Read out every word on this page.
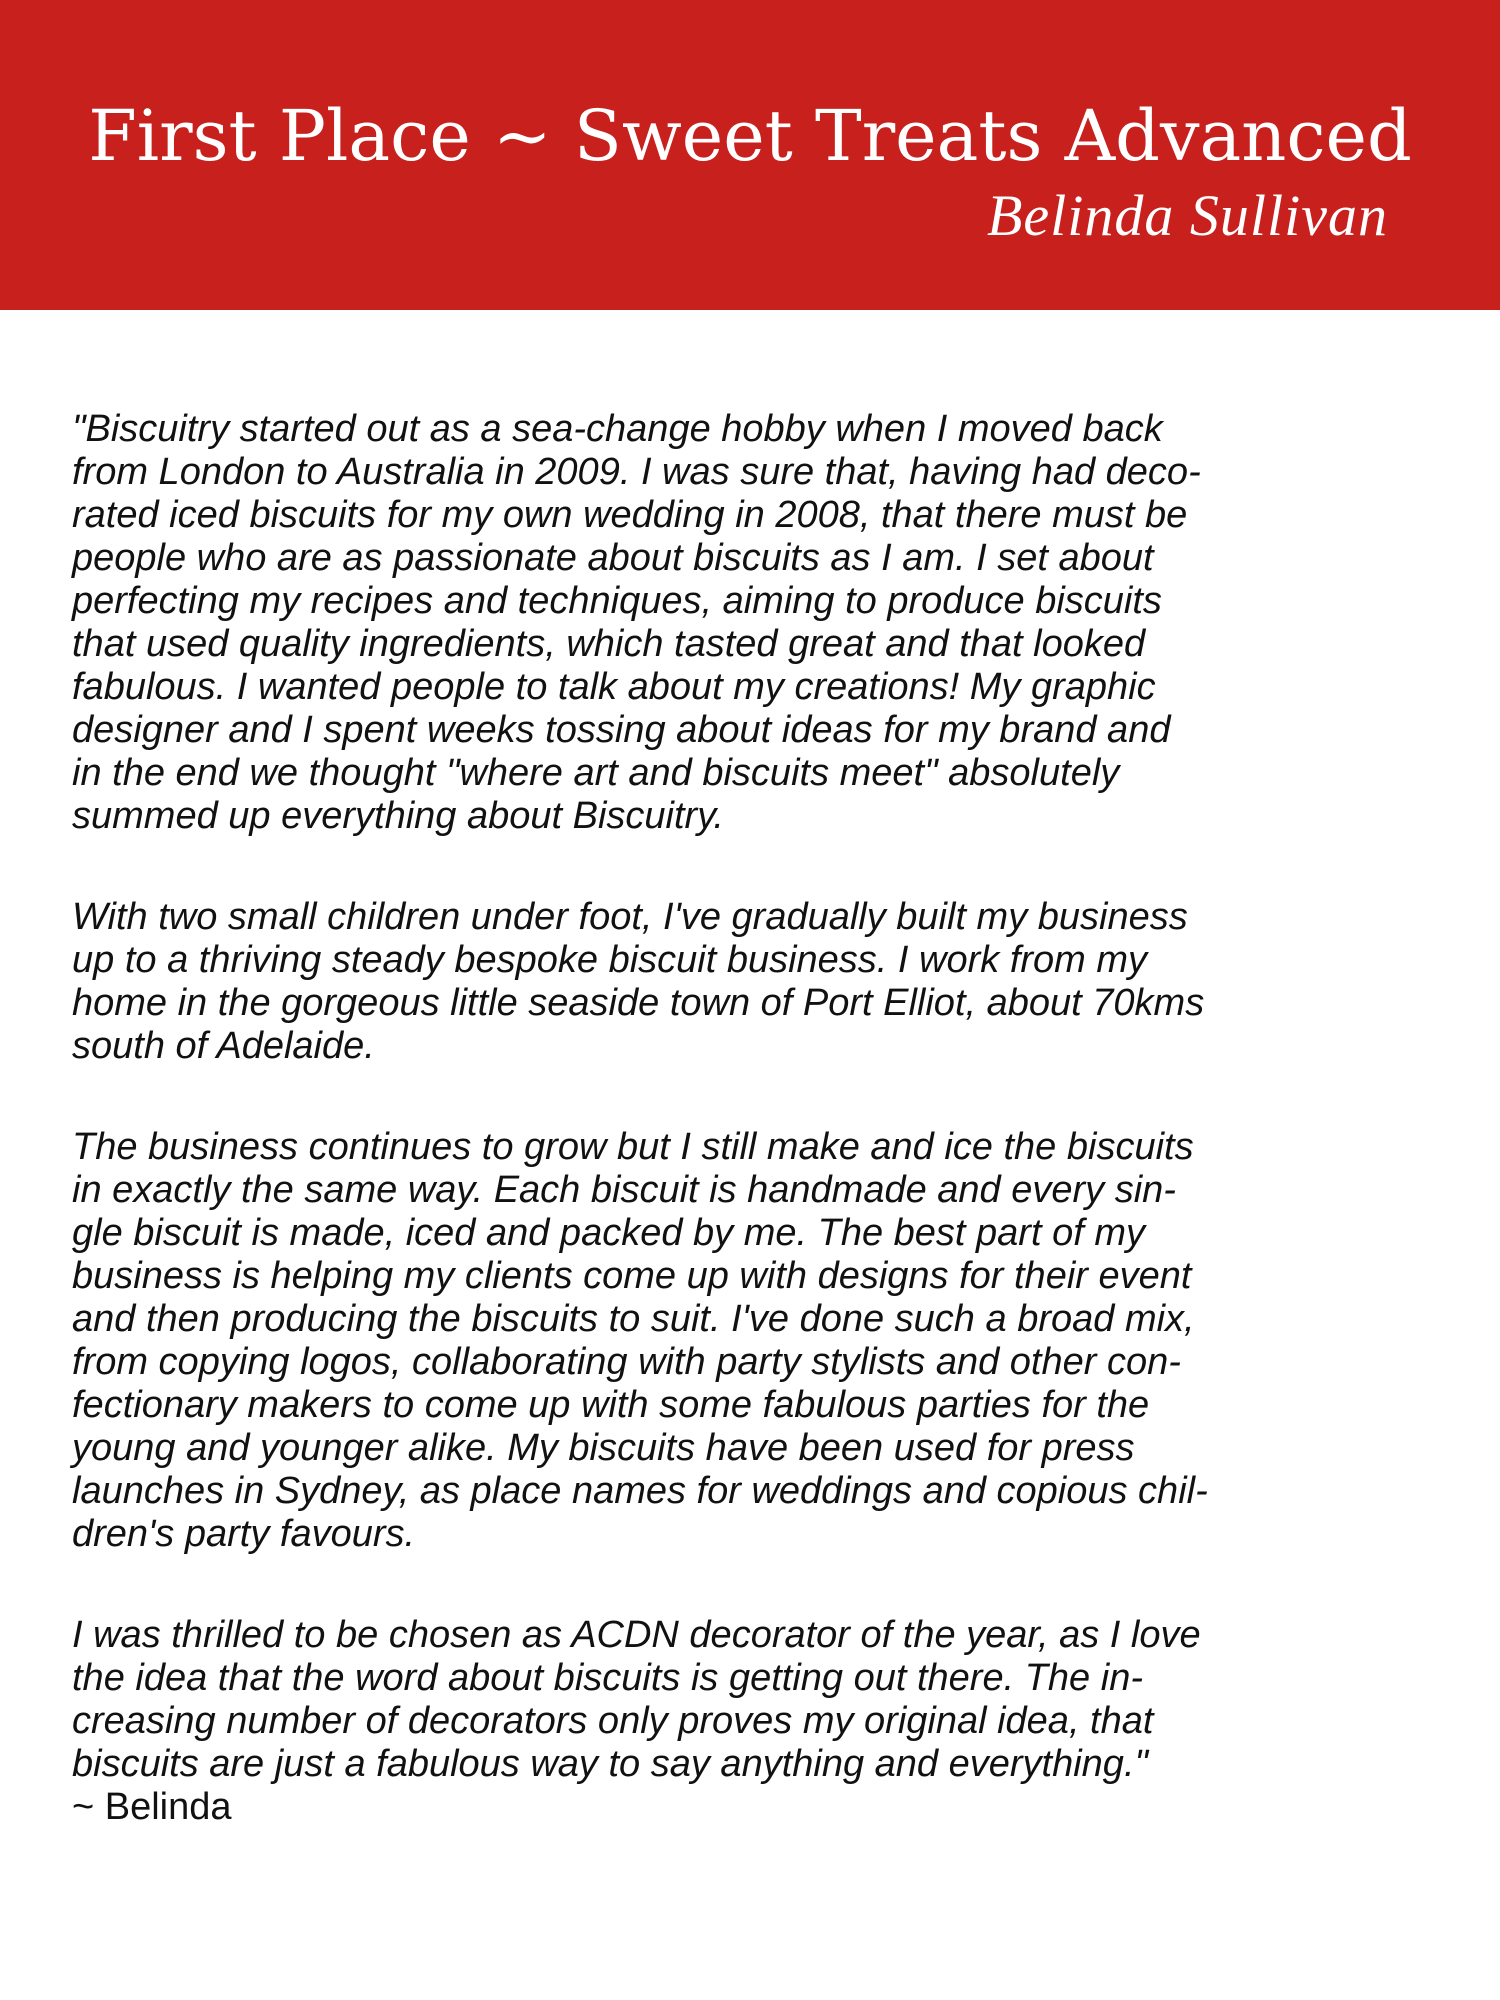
First Place ~ Sweet Treats Advanced
Belinda Sullivan

"Biscuitry started out as a sea-change hobby when I moved back
from London to Australia in 2009. I was sure that, having had deco-
rated iced biscuits for my own wedding in 2008, that there must be
people who are as passionate about biscuits as I am. I set about
perfecting my recipes and techniques, aiming to produce biscuits
that used quality ingredients, which tasted great and that looked
fabulous. I wanted people to talk about my creations! My graphic
designer and I spent weeks tossing about ideas for my brand and
in the end we thought "where art and biscuits meet" absolutely
summed up everything about Biscuitry.

With two small children under foot, I've gradually built my business
up to a thriving steady bespoke biscuit business. I work from my
home in the gorgeous little seaside town of Port Elliot, about 70kms
south of Adelaide.

The business continues to grow but I still make and ice the biscuits
in exactly the same way. Each biscuit is handmade and every sin-
gle biscuit is made, iced and packed by me. The best part of my
business is helping my clients come up with designs for their event
and then producing the biscuits to suit. I've done such a broad mix,
from copying logos, collaborating with party stylists and other con-
fectionary makers to come up with some fabulous parties for the
young and younger alike. My biscuits have been used for press
launches in Sydney, as place names for weddings and copious chil-
dren's party favours.

I was thrilled to be chosen as ACDN decorator of the year, as I love
the idea that the word about biscuits is getting out there. The in-
creasing number of decorators only proves my original idea, that
biscuits are just a fabulous way to say anything and everything."

~ Belinda
